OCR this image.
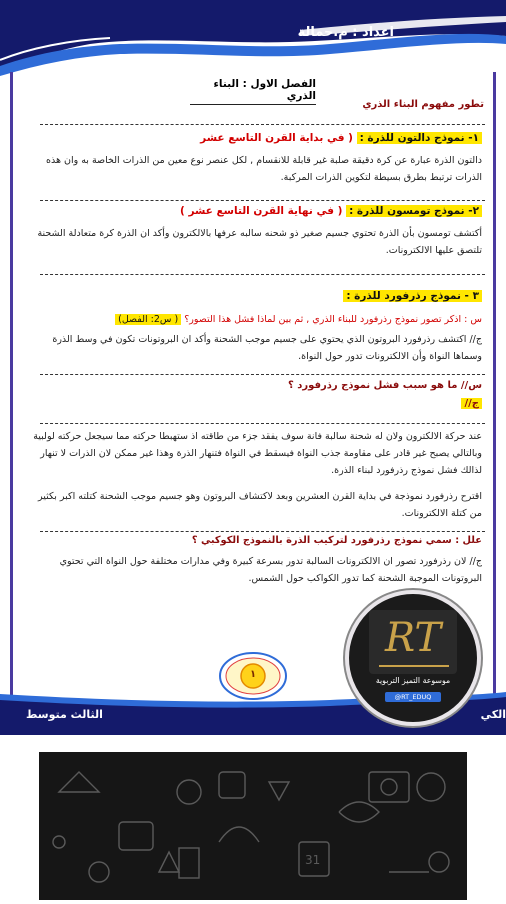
اعداد : م.حمالة
الفصل الاول : البناء الذري
تطور مفهوم البناء الذري
١- نموذج دالتون للذرة : ( في بداية القرن التاسع عشر
دالتون الذرة عبارة عن كرة دقيقة صلبة غير قابلة للانقسام , لكل عنصر نوع معين من الذرات الخاصة به وان هذه الذرات ترتبط بطرق بسيطة لتكوين الذرات المركبة.
٢- نموذج تومسون للذرة : ( في نهاية القرن التاسع عشر )
أكتشف تومسون بأن الذرة تحتوي جسيم صغير ذو شحنه سالبه عرفها بالالكترون وأكد ان الذرة كرة متعادلة الشحنة تلتصق عليها الالكترونات.
٣ - نموذج رذرفورد للذرة :
س : اذكر تصور نموذج رذرفورد للبناء الذري , ثم بين لماذا فشل هذا التصور؟ ( س2: الفصل)
ج// اكتشف رذرفورد البروتون الذي يحتوي على جسيم موجب الشحنة وأكد ان البروتونات تكون في وسط الذرة وسماها النواة وأن الالكترونات تدور حول النواة.
س// ما هو سبب فشل نموذج رذرفورد ؟
ج//
عند حركة الالكترون ولان له شحنة سالبة فانة سوف يفقد جزء من طاقته اذ ستهبطا حركته مما سيجعل حركته لولبية وبالتالي يصبح غير قادر على مقاومة جذب النواة فيسقط في النواة فتنهار الذرة وهذا غير ممكن لان الذرات لا تنهار لذالك فشل نموذج رذرفورد لبناء الذرة.
اقترح رذرفورد نموذجة في بداية القرن العشرين وبعد لاكتشاف البروتون وهو جسيم موجب الشحنة كتلته اكبر بكثير من كتلة الالكترونات.
علل : سمي نموذج رذرفورد لتركيب الذرة بالنموذج الكوكبي ؟
ج// لان رذرفورد تصور ان الالكترونات السالبة تدور بسرعة كبيرة وفي مدارات مختلفة حول النواة التي تحتوي البروتونات الموجبة الشحنة كما تدور الكواكب حول الشمس.
١
الثالث متوسط	الكي
RT
موسوعة التميز التربوية
@RT_EDUQ
31
